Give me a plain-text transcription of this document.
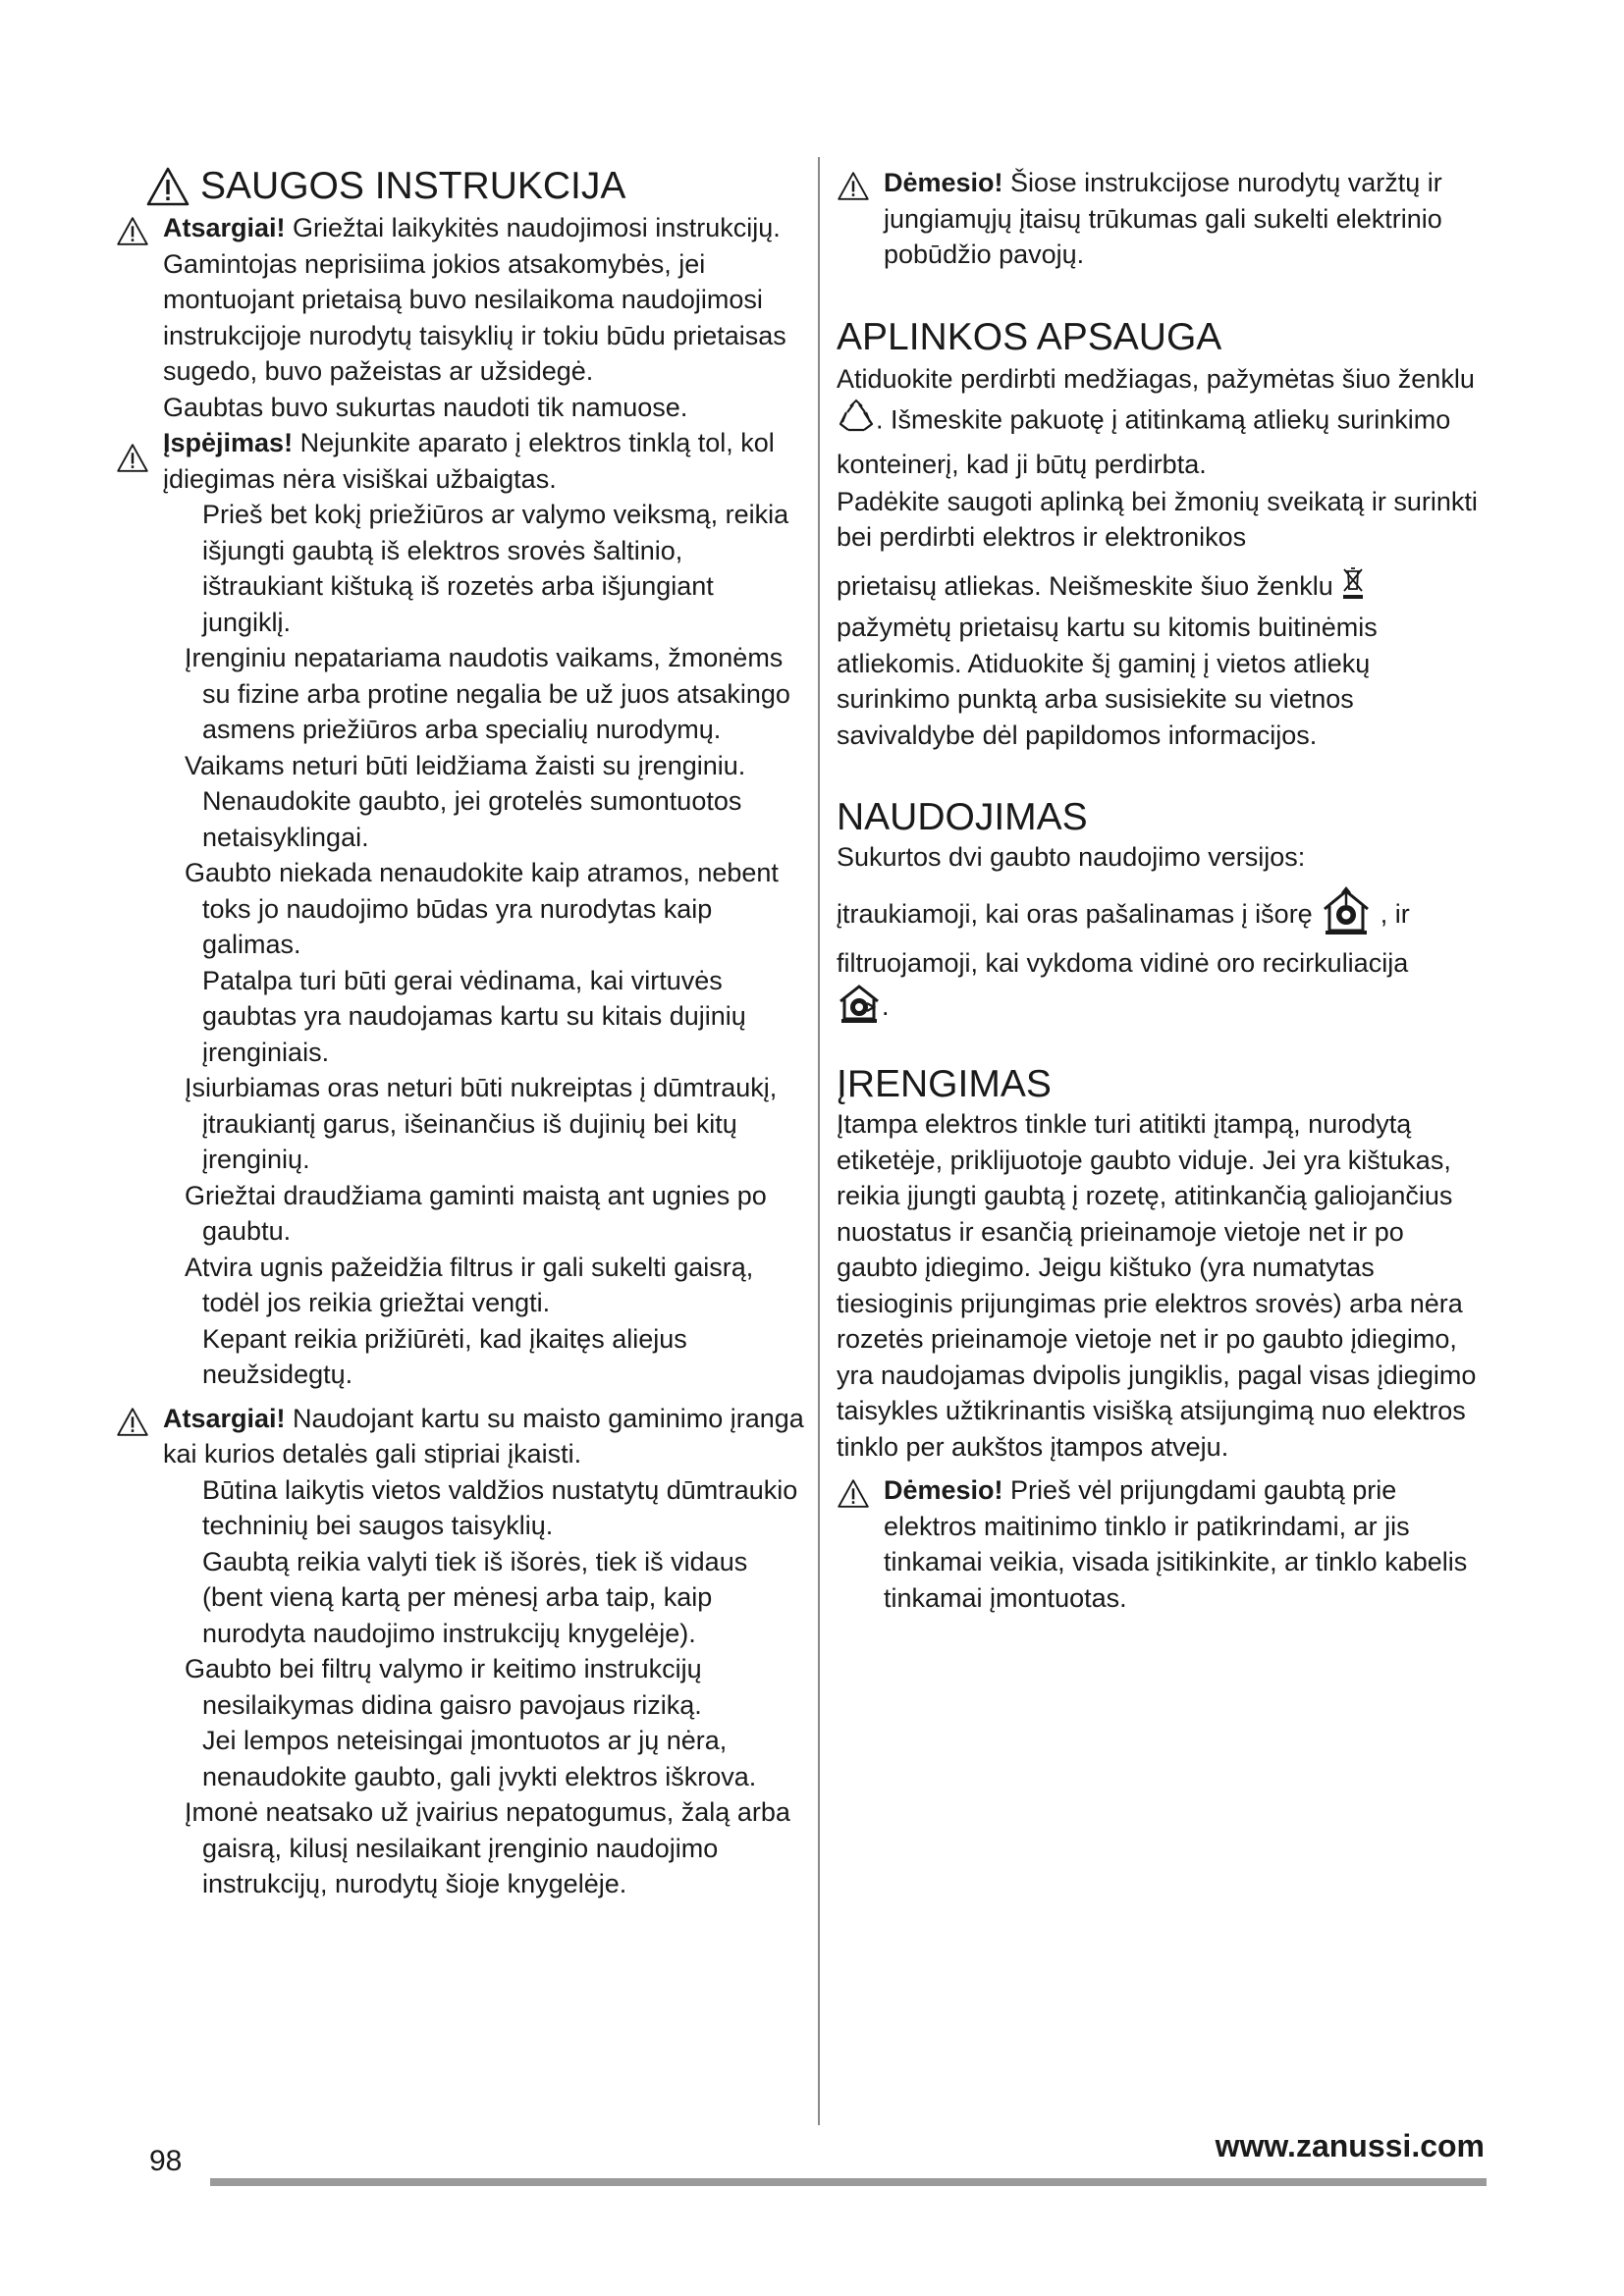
SAUGOS INSTRUKCIJA

Atsargiai! Griežtai laikykitės naudojimosi instrukcijų. Gamintojas neprisiima jokios atsakomybės, jei montuojant prietaisą buvo nesilaikoma naudojimosi instrukcijoje nurodytų taisyklių ir tokiu būdu prietaisas sugedo, buvo pažeistas ar užsidegė.

Gaubtas buvo sukurtas naudoti tik namuose.

Įspėjimas! Nejunkite aparato į elektros tinklą tol, kol įdiegimas nėra visiškai užbaigtas.

Prieš bet kokį priežiūros ar valymo veiksmą, reikia išjungti gaubtą iš elektros srovės šaltinio, ištraukiant kištuką iš rozetės arba išjungiant jungiklį.

Įrenginiu nepatariama naudotis vaikams, žmonėms su fizine arba protine negalia be už juos atsakingo asmens priežiūros arba specialių nurodymų.

Vaikams neturi būti leidžiama žaisti su įrenginiu. Nenaudokite gaubto, jei grotelės sumontuotos netaisyklingai.

Gaubto niekada nenaudokite kaip atramos, nebent toks jo naudojimo būdas yra nurodytas kaip galimas.

Patalpa turi būti gerai vėdinama, kai virtuvės gaubtas yra naudojamas kartu su kitais dujinių įrenginiais.

Įsiurbiamas oras neturi būti nukreiptas į dūmtraukį, įtraukiantį garus, išeinančius iš dujinių bei kitų įrenginių.

Griežtai draudžiama gaminti maistą ant ugnies po gaubtu.

Atvira ugnis pažeidžia filtrus ir gali sukelti gaisrą, todėl jos reikia griežtai vengti.

Kepant reikia prižiūrėti, kad įkaitęs aliejus neužsidegtų.

Atsargiai! Naudojant kartu su maisto gaminimo įranga kai kurios detalės gali stipriai įkaisti.

Būtina laikytis vietos valdžios nustatytų dūmtraukio techninių bei saugos taisyklių.

Gaubtą reikia valyti tiek iš išorės, tiek iš vidaus (bent vieną kartą per mėnesį arba taip, kaip nurodyta naudojimo instrukcijų knygelėje).

Gaubto bei filtrų valymo ir keitimo instrukcijų nesilaikymas didina gaisro pavojaus riziką.

Jei lempos neteisingai įmontuotos ar jų nėra, nenaudokite gaubto, gali įvykti elektros iškrova.

Įmonė neatsako už įvairius nepatogumus, žalą arba gaisrą, kilusį nesilaikant įrenginio naudojimo instrukcijų, nurodytų šioje knygelėje.

Dėmesio! Šiose instrukcijose nurodytų varžtų ir jungiamųjų įtaisų trūkumas gali sukelti elektrinio pobūdžio pavojų.

APLINKOS APSAUGA

Atiduokite perdirbti medžiagas, pažymėtas šiuo ženklu . Išmeskite pakuotę į atitinkamą atliekų surinkimo konteinerį, kad ji būtų perdirbta.

Padėkite saugoti aplinką bei žmonių sveikatą ir surinkti bei perdirbti elektros ir elektronikos

prietaisų atliekas. Neišmeskite šiuo ženklu  pažymėtų prietaisų kartu su kitomis buitinėmis atliekomis. Atiduokite šį gaminį į vietos atliekų surinkimo punktą arba susisiekite su vietnos savivaldybe dėl papildomos informacijos.

NAUDOJIMAS

Sukurtos dvi gaubto naudojimo versijos:

įtraukiamoji, kai oras pašalinamas į išorę  , ir filtruojamoji, kai vykdoma vidinė oro recirkuliacija
.

ĮRENGIMAS

Įtampa elektros tinkle turi atitikti įtampą, nurodytą etiketėje, priklijuotoje gaubto viduje. Jei yra kištukas, reikia įjungti gaubtą į rozetę, atitinkančią galiojančius nuostatus ir esančią prieinamoje vietoje net ir po gaubto įdiegimo. Jeigu kištuko (yra numatytas tiesioginis prijungimas prie elektros srovės) arba nėra rozetės prieinamoje vietoje net ir po gaubto įdiegimo, yra naudojamas dvipolis jungiklis, pagal visas įdiegimo taisykles užtikrinantis visišką atsijungimą nuo elektros tinklo per aukštos įtampos atveju.

Dėmesio! Prieš vėl prijungdami gaubtą prie elektros maitinimo tinklo ir patikrindami, ar jis tinkamai veikia, visada įsitikinkite, ar tinklo kabelis tinkamai įmontuotas.

98	www.zanussi.com
